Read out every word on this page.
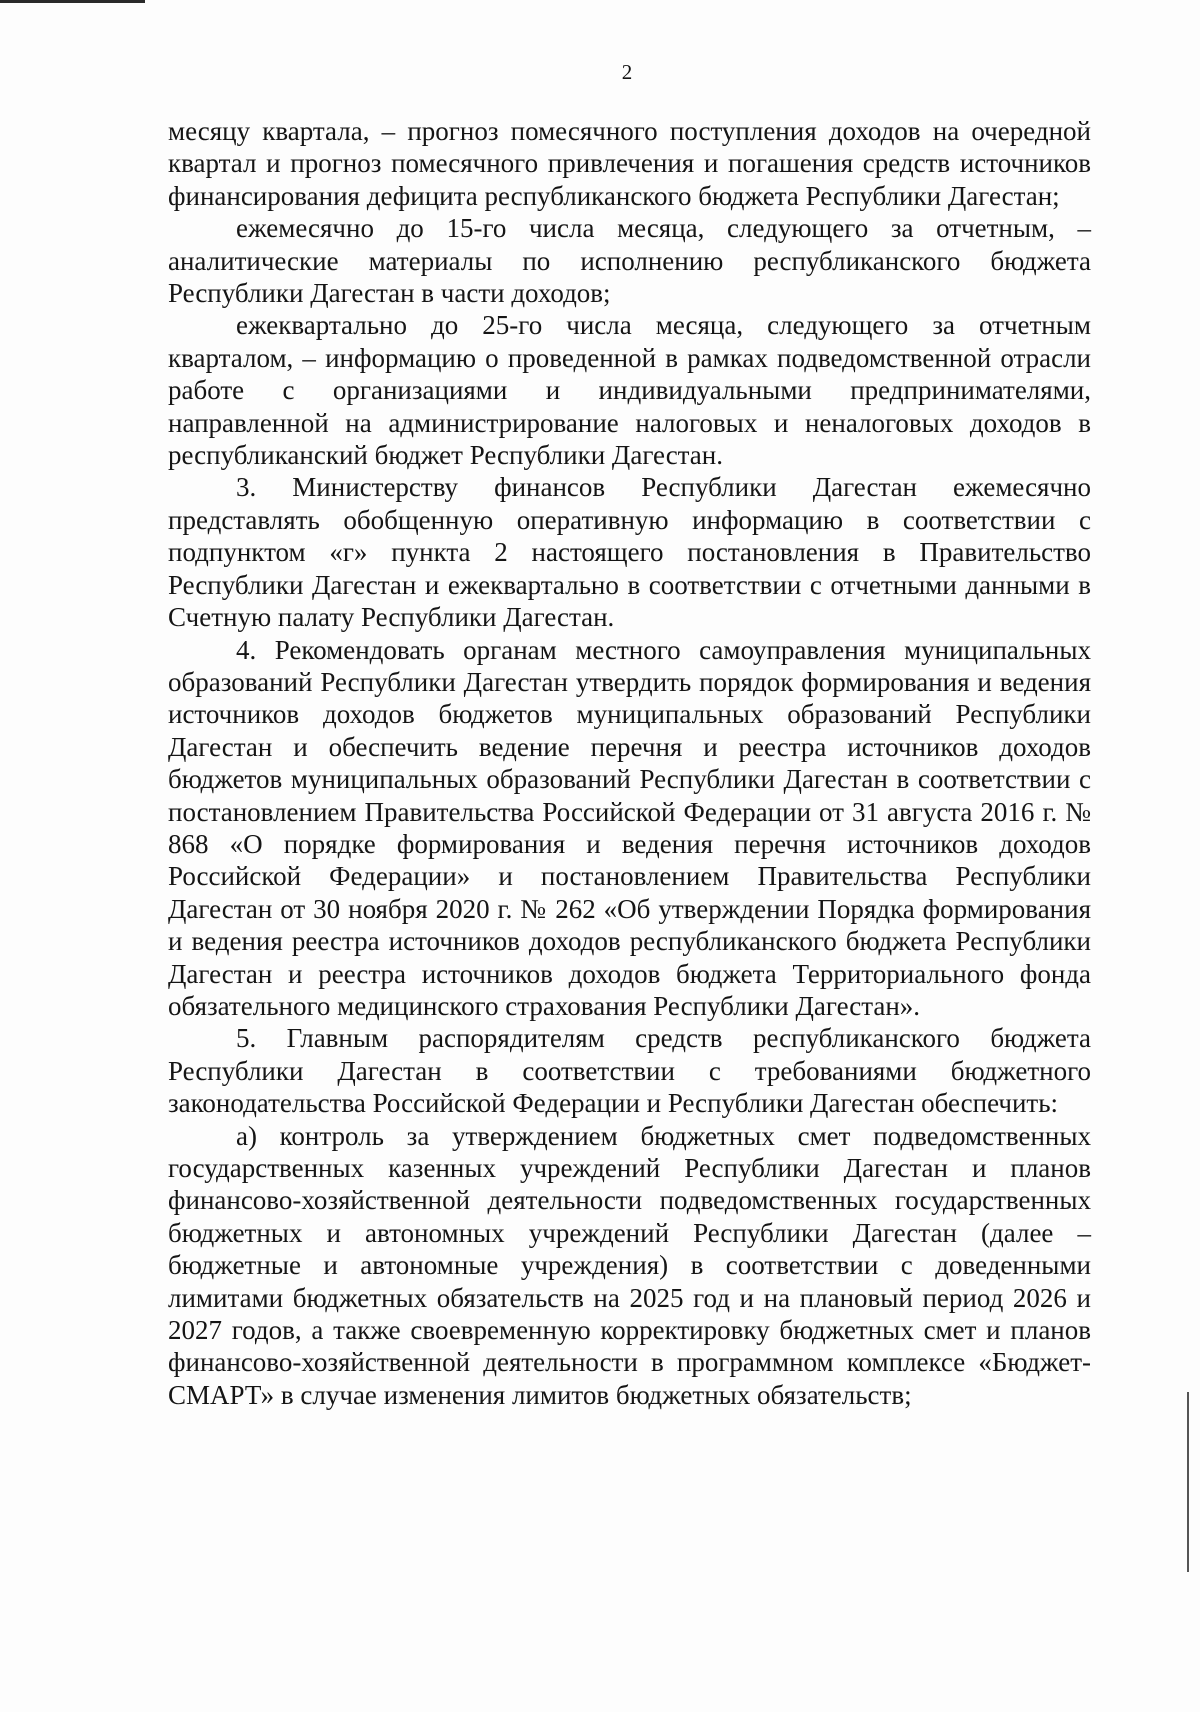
2

месяцу квартала, – прогноз помесячного поступления доходов на очередной квартал и прогноз помесячного привлечения и погашения средств источников финансирования дефицита республиканского бюджета Республики Дагестан;

ежемесячно до 15-го числа месяца, следующего за отчетным, – аналитические материалы по исполнению республиканского бюджета Республики Дагестан в части доходов;

ежеквартально до 25-го числа месяца, следующего за отчетным кварталом, – информацию о проведенной в рамках подведомственной отрасли работе с организациями и индивидуальными предпринимателями, направленной на администрирование налоговых и неналоговых доходов в республиканский бюджет Республики Дагестан.

3. Министерству финансов Республики Дагестан ежемесячно представлять обобщенную оперативную информацию в соответствии с подпунктом «г» пункта 2 настоящего постановления в Правительство Республики Дагестан и ежеквартально в соответствии с отчетными данными в Счетную палату Республики Дагестан.

4. Рекомендовать органам местного самоуправления муниципальных образований Республики Дагестан утвердить порядок формирования и ведения источников доходов бюджетов муниципальных образований Республики Дагестан и обеспечить ведение перечня и реестра источников доходов бюджетов муниципальных образований Республики Дагестан в соответствии с постановлением Правительства Российской Федерации от 31 августа 2016 г. № 868 «О порядке формирования и ведения перечня источников доходов Российской Федерации» и постановлением Правительства Республики Дагестан от 30 ноября 2020 г. № 262 «Об утверждении Порядка формирования и ведения реестра источников доходов республиканского бюджета Республики Дагестан и реестра источников доходов бюджета Территориального фонда обязательного медицинского страхования Республики Дагестан».

5. Главным распорядителям средств республиканского бюджета Республики Дагестан в соответствии с требованиями бюджетного законодательства Российской Федерации и Республики Дагестан обеспечить:

а) контроль за утверждением бюджетных смет подведомственных государственных казенных учреждений Республики Дагестан и планов финансово-хозяйственной деятельности подведомственных государственных бюджетных и автономных учреждений Республики Дагестан (далее – бюджетные и автономные учреждения) в соответствии с доведенными лимитами бюджетных обязательств на 2025 год и на плановый период 2026 и 2027 годов, а также своевременную корректировку бюджетных смет и планов финансово-хозяйственной деятельности в программном комплексе «Бюджет-СМАРТ» в случае изменения лимитов бюджетных обязательств;
